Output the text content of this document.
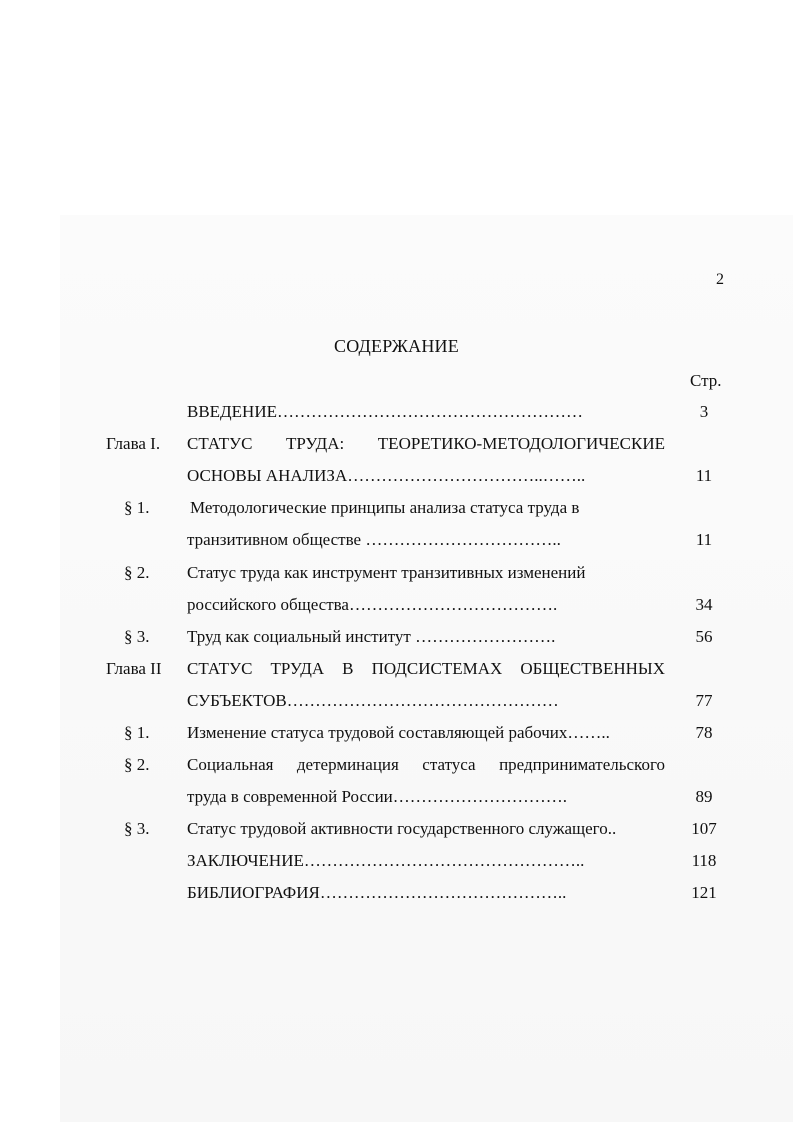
2
СОДЕРЖАНИЕ
Стр.
ВВЕДЕНИЕ………………………………………………	3
Глава I. СТАТУС ТРУДА: ТЕОРЕТИКО-МЕТОДОЛОГИЧЕСКИЕ
ОСНОВЫ АНАЛИЗА……………………………..……..	11
§ 1. Методологические принципы анализа статуса труда в
транзитивном обществе ……………………………..	11
§ 2. Статус труда как инструмент транзитивных изменений
российского общества……………………………….	34
§ 3. Труд как социальный институт …………………….	56
Глава II СТАТУС ТРУДА В ПОДСИСТЕМАХ ОБЩЕСТВЕННЫХ
СУБЪЕКТОВ…………………………………………	77
§ 1. Изменение статуса трудовой составляющей рабочих……..	78
§ 2. Социальная детерминация статуса предпринимательского
труда в современной России………………………….	89
§ 3. Статус трудовой активности государственного служащего..	107
ЗАКЛЮЧЕНИЕ…………………………………………..	118
БИБЛИОГРАФИЯ……………………………………..	121
